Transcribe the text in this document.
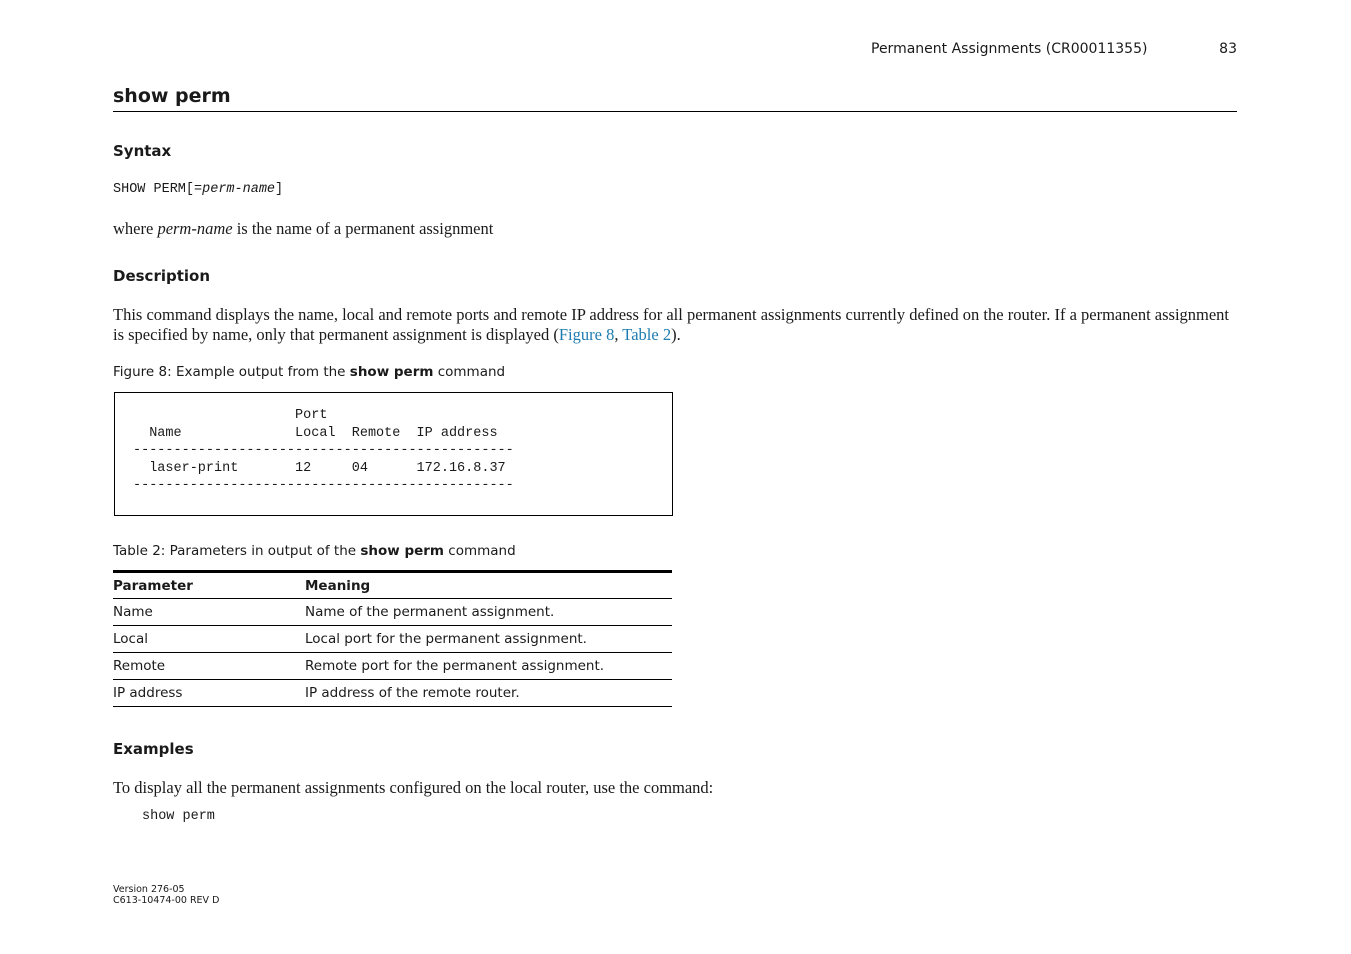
Permanent Assignments (CR00011355)	83
show perm
Syntax
SHOW PERM[=perm-name]
where perm-name is the name of a permanent assignment
Description
This command displays the name, local and remote ports and remote IP address for all permanent assignments currently defined on the router. If a permanent assignment is specified by name, only that permanent assignment is displayed (Figure 8, Table 2).
Figure 8: Example output from the show perm command
Port
Name              Local  Remote  IP address
-----------------------------------------------
laser-print       12     04      172.16.8.37
-----------------------------------------------
Table 2: Parameters in output of the show perm command
Parameter	Meaning
Name	Name of the permanent assignment.
Local	Local port for the permanent assignment.
Remote	Remote port for the permanent assignment.
IP address	IP address of the remote router.
Examples
To display all the permanent assignments configured on the local router, use the command:
show perm
Version 276-05
C613-10474-00 REV D
